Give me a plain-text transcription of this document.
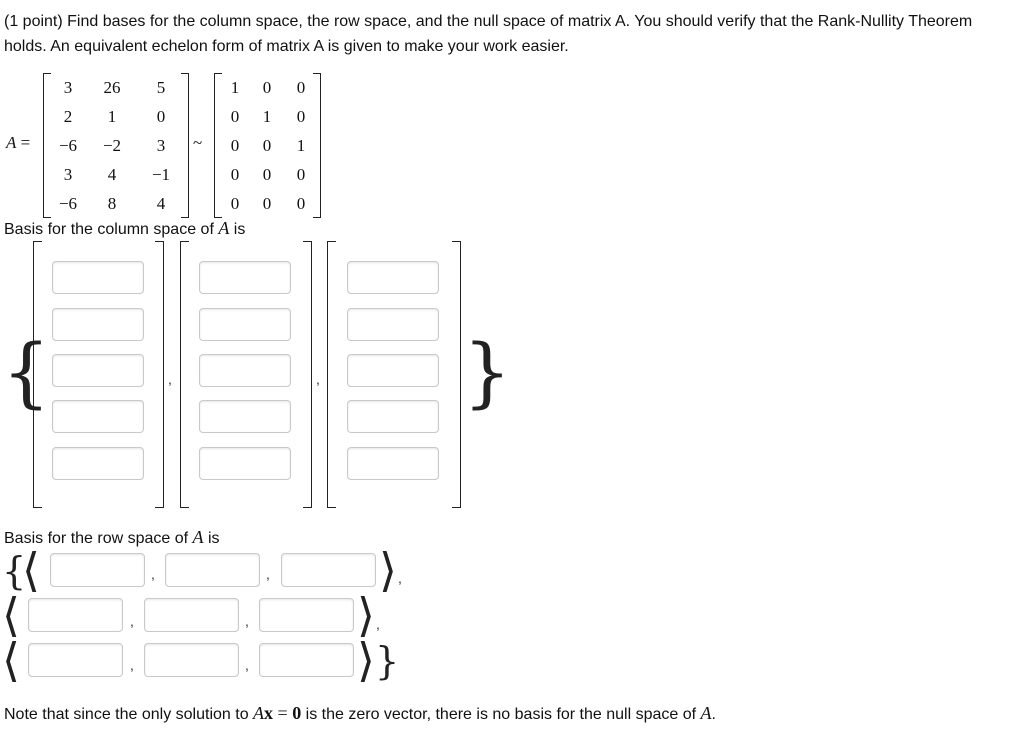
(1 point) Find bases for the column space, the row space, and the null space of matrix A. You should verify that the Rank-Nullity Theorem holds. An equivalent echelon form of matrix A is given to make your work easier.
A =
3	26	5
2	1	0
−6	−2	3
3	4	−1
−6	8	4
~
1	0	0
0	1	0
0	0	1
0	0	0
0	0	0
Basis for the column space of A is
{	,	, }
Basis for the row space of A is
{
⟨	,	, ⟩ ,
⟨	,	, ⟩ ,
⟨	,	, ⟩ }
Note that since the only solution to Ax = 0 is the zero vector, there is no basis for the null space of A.
